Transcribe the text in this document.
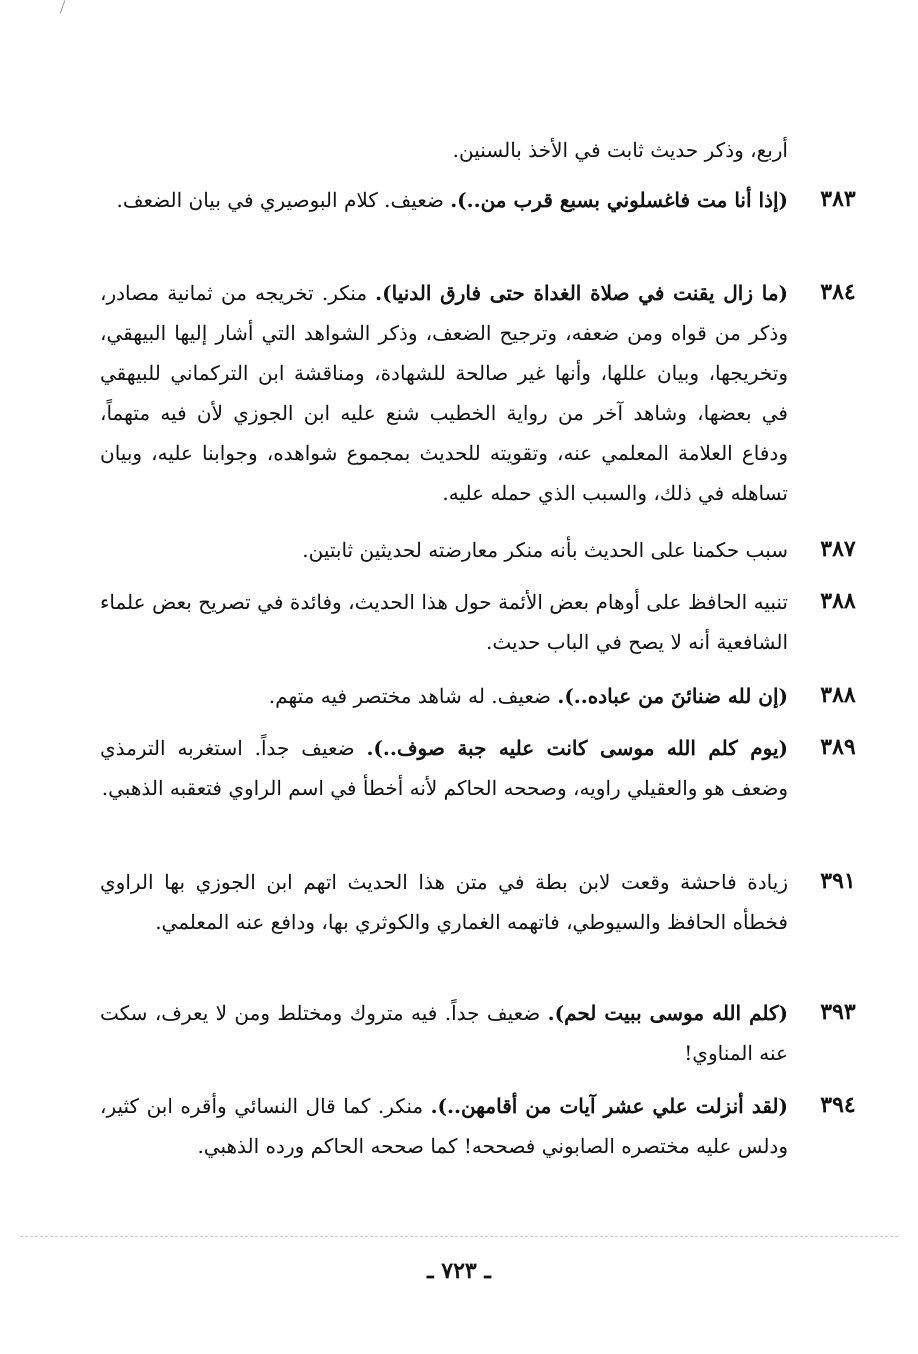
أربع، وذكر حديث ثابت في الأخذ بالسنين.
٣٨٣
(إذا أنا مت فاغسلوني بسبع قرب من..). ضعيف. كلام البوصيري في بيان الضعف.
٣٨٤
(ما زال يقنت في صلاة الغداة حتى فارق الدنيا). منكر. تخريجه من ثمانية مصادر، وذكر من قواه ومن ضعفه، وترجيح الضعف، وذكر الشواهد التي أشار إليها البيهقي، وتخريجها، وبيان عللها، وأنها غير صالحة للشهادة، ومناقشة ابن التركماني للبيهقي في بعضها، وشاهد آخر من رواية الخطيب شنع عليه ابن الجوزي لأن فيه متهماً، ودفاع العلامة المعلمي عنه، وتقويته للحديث بمجموع شواهده، وجوابنا عليه، وبيان تساهله في ذلك، والسبب الذي حمله عليه.
٣٨٧
سبب حكمنا على الحديث بأنه منكر معارضته لحديثين ثابتين.
٣٨٨
تنبيه الحافظ على أوهام بعض الأئمة حول هذا الحديث، وفائدة في تصريح بعض علماء الشافعية أنه لا يصح في الباب حديث.
٣٨٨
(إن لله ضنائنَ من عباده..). ضعيف. له شاهد مختصر فيه متهم.
٣٨٩
(يوم كلم الله موسى كانت عليه جبة صوف..). ضعيف جداً. استغربه الترمذي وضعف هو والعقيلي راويه، وصححه الحاكم لأنه أخطأ في اسم الراوي فتعقبه الذهبي.
٣٩١
زيادة فاحشة وقعت لابن بطة في متن هذا الحديث اتهم ابن الجوزي بها الراوي فخطأه الحافظ والسيوطي، فاتهمه الغماري والكوثري بها، ودافع عنه المعلمي.
٣٩٣
(كلم الله موسى ببيت لحم). ضعيف جداً. فيه متروك ومختلط ومن لا يعرف، سكت عنه المناوي!
٣٩٤
(لقد أنزلت علي عشر آيات من أقامهن..). منكر. كما قال النسائي وأقره ابن كثير، ودلس عليه مختصره الصابوني فصححه! كما صححه الحاكم ورده الذهبي.
ـ ٧٢٣ ـ
